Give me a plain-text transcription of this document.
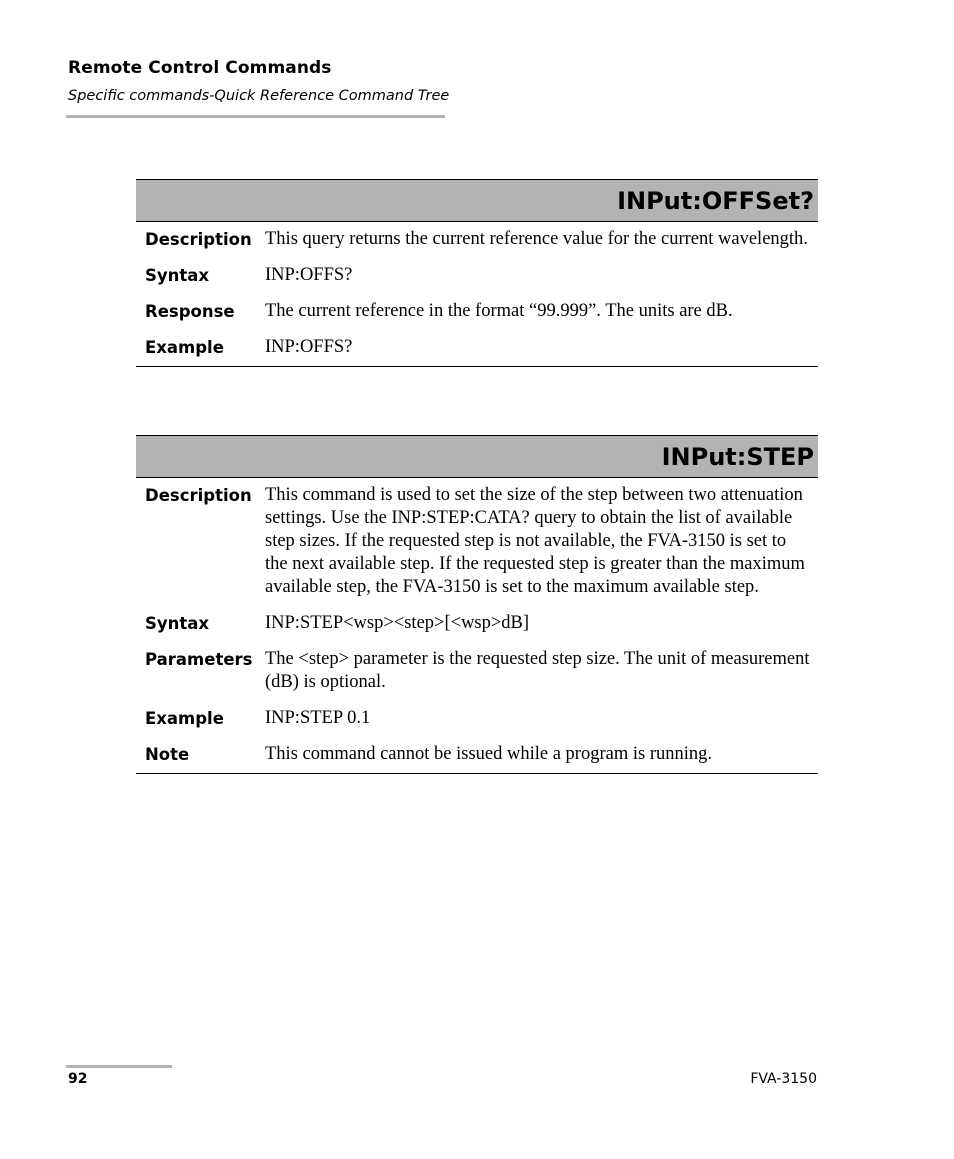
Remote Control Commands
Specific commands-Quick Reference Command Tree
INPut:OFFSet?
Description	This query returns the current reference value for the current wavelength.
Syntax	INP:OFFS?
Response	The current reference in the format “99.999”. The units are dB.
Example	INP:OFFS?
INPut:STEP
Description	This command is used to set the size of the step between two attenuation settings. Use the INP:STEP:CATA? query to obtain the list of available step sizes. If the requested step is not available, the FVA-3150 is set to the next available step. If the requested step is greater than the maximum available step, the FVA-3150 is set to the maximum available step.
Syntax	INP:STEP<wsp><step>[<wsp>dB]
Parameters	The <step> parameter is the requested step size. The unit of measurement (dB) is optional.
Example	INP:STEP 0.1
Note	This command cannot be issued while a program is running.
92	FVA-3150
